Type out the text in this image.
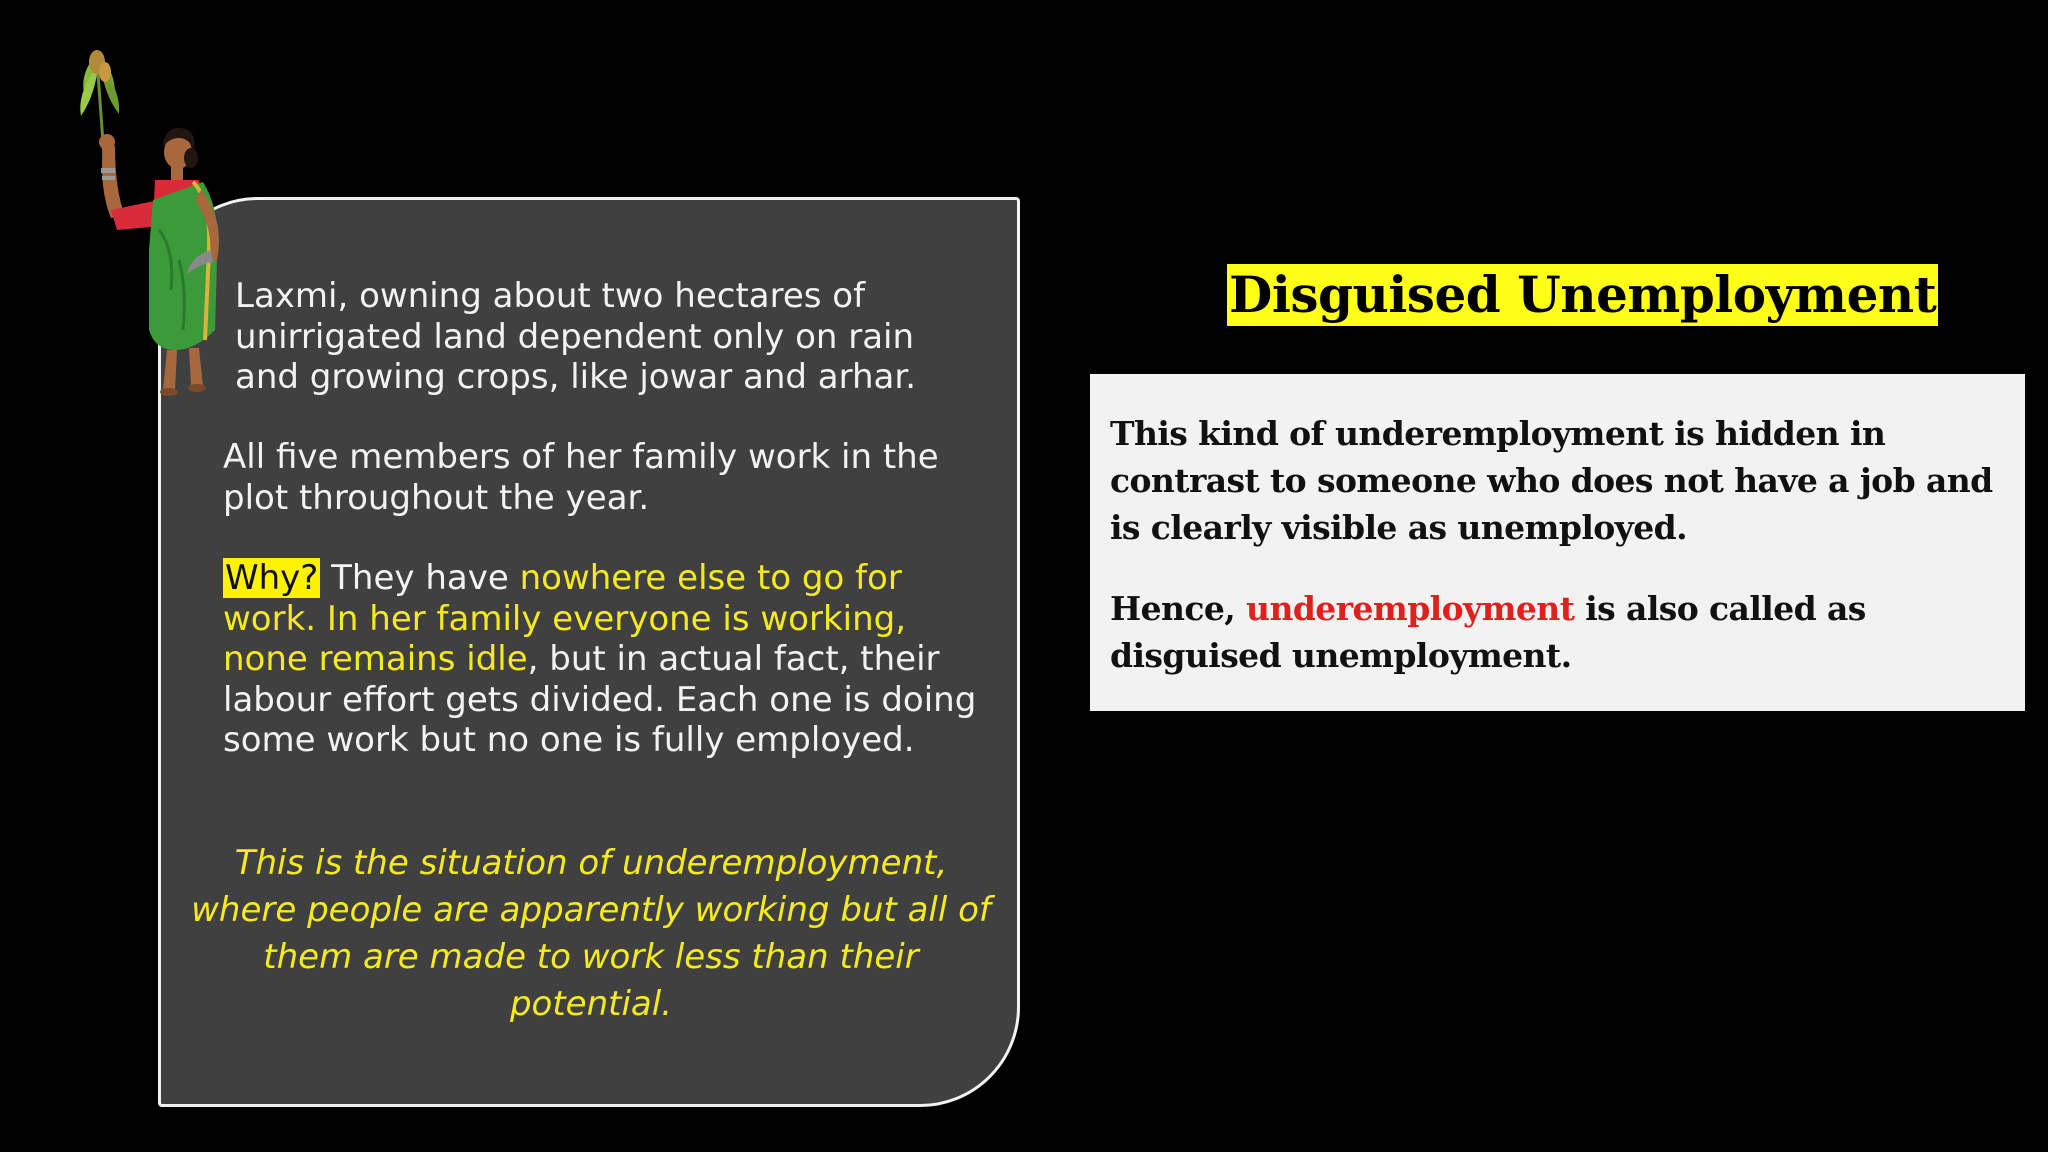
Laxmi, owning about two hectares of unirrigated land dependent only on rain and growing crops, like jowar and arhar.

All five members of her family work in the plot throughout the year.

Why? They have nowhere else to go for work. In her family everyone is working, none remains idle, but in actual fact, their labour effort gets divided. Each one is doing some work but no one is fully employed.

This is the situation of underemployment, where people are apparently working but all of them are made to work less than their potential.

Disguised Unemployment

This kind of underemployment is hidden in contrast to someone who does not have a job and is clearly visible as unemployed.

Hence, underemployment is also called as disguised unemployment.
